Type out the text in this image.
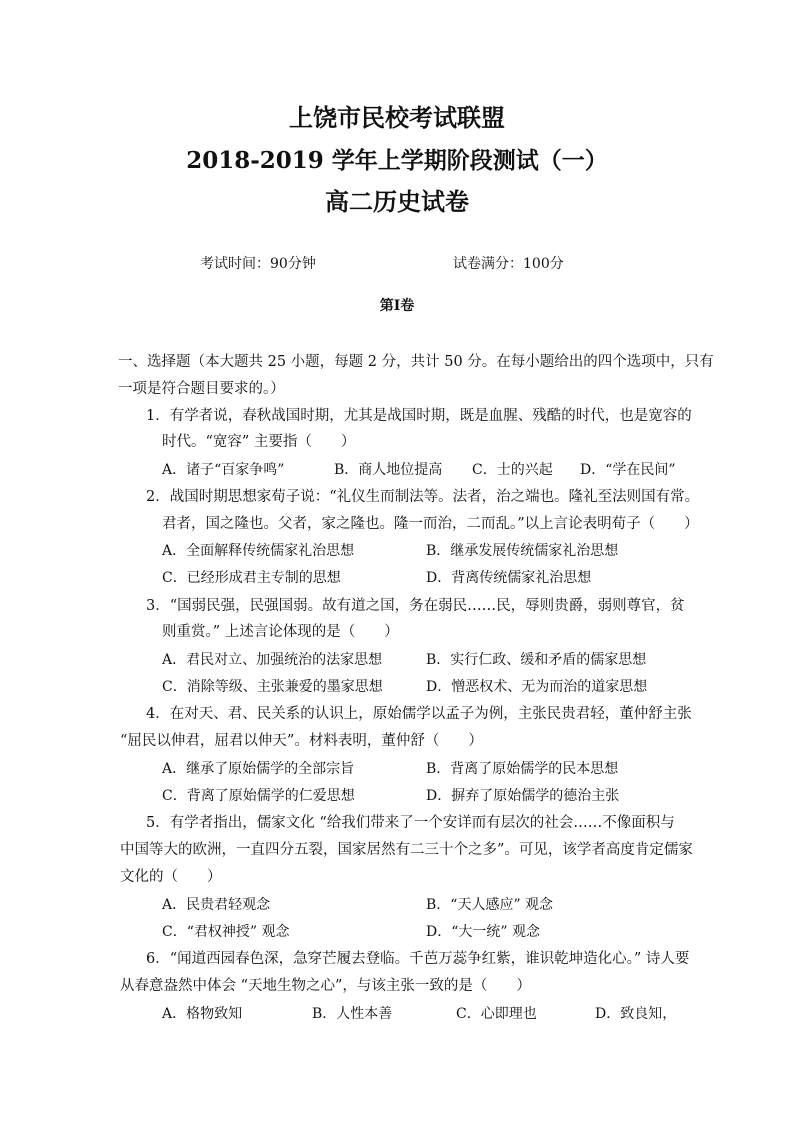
上饶市民校考试联盟
2018-2019 学年上学期阶段测试（一）
高二历史试卷
考试时间：90分钟	试卷满分：100分
第Ⅰ卷
一、选择题（本大题共 25 小题，每题 2 分，共计 50 分。在每小题给出的四个选项中，只有
一项是符合题目要求的。）
1．有学者说，春秋战国时期，尤其是战国时期，既是血腥、残酷的时代，也是宽容的
时代。“宽容” 主要指（　　）
A．诸子“百家争鸣”	B．商人地位提高 C．士的兴起 D．“学在民间”
2．战国时期思想家荀子说：“礼仪生而制法等。法者，治之端也。隆礼至法则国有常。
君者，国之隆也。父者，家之隆也。隆一而治，二而乱。”以上言论表明荀子（　　）
A．全面解释传统儒家礼治思想	B．继承发展传统儒家礼治思想
C．已经形成君主专制的思想	D．背离传统儒家礼治思想
3．“国弱民强，民强国弱。故有道之国，务在弱民……民，辱则贵爵，弱则尊官，贫
则重赏。” 上述言论体现的是（　　）
A．君民对立、加强统治的法家思想	B．实行仁政、缓和矛盾的儒家思想
C．消除等级、主张兼爱的墨家思想	D．憎恶权术、无为而治的道家思想
4．在对天、君、民关系的认识上，原始儒学以孟子为例，主张民贵君轻，董仲舒主张
“屈民以伸君，屈君以伸天”。材料表明，董仲舒（　　）
A．继承了原始儒学的全部宗旨	B．背离了原始儒学的民本思想
C．背离了原始儒学的仁爱思想	D．摒弃了原始儒学的德治主张
5．有学者指出，儒家文化 “给我们带来了一个安详而有层次的社会……不像面积与
中国等大的欧洲，一直四分五裂，国家居然有二三十个之多”。可见，该学者高度肯定儒家
文化的（　　）
A．民贵君轻观念	B．“天人感应” 观念
C．“君权神授” 观念	D．“大一统” 观念
6．“闻道西园春色深，急穿芒履去登临。千芭万蕊争红紫，谁识乾坤造化心。” 诗人要
从春意盎然中体会 “天地生物之心”，与该主张一致的是（　　）
A．格物致知	B．人性本善	C．心即理也	D．致良知，
